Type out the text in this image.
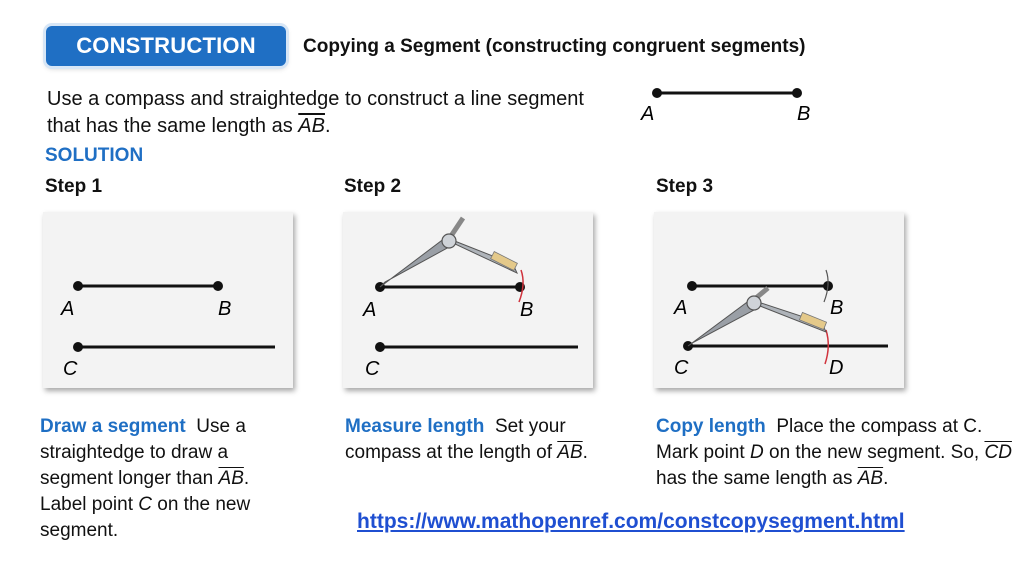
CONSTRUCTION	Copying a Segment (constructing congruent segments)
Use a compass and straightedge to construct a line segment
that has the same length as $\overline{AB}$.
A	B
SOLUTION
Step 1	Step 2	Step 3
A	B
C
A	B
C
A	B
C	D
Draw a segment Use a straightedge to draw a segment longer than $\overline{AB}$. Label point C on the new segment.
Measure length Set your compass at the length of $\overline{AB}$.
Copy length Place the compass at C. Mark point D on the new segment. So, $\overline{CD}$ has the same length as $\overline{AB}$.
https://www.mathopenref.com/constcopysegment.html
